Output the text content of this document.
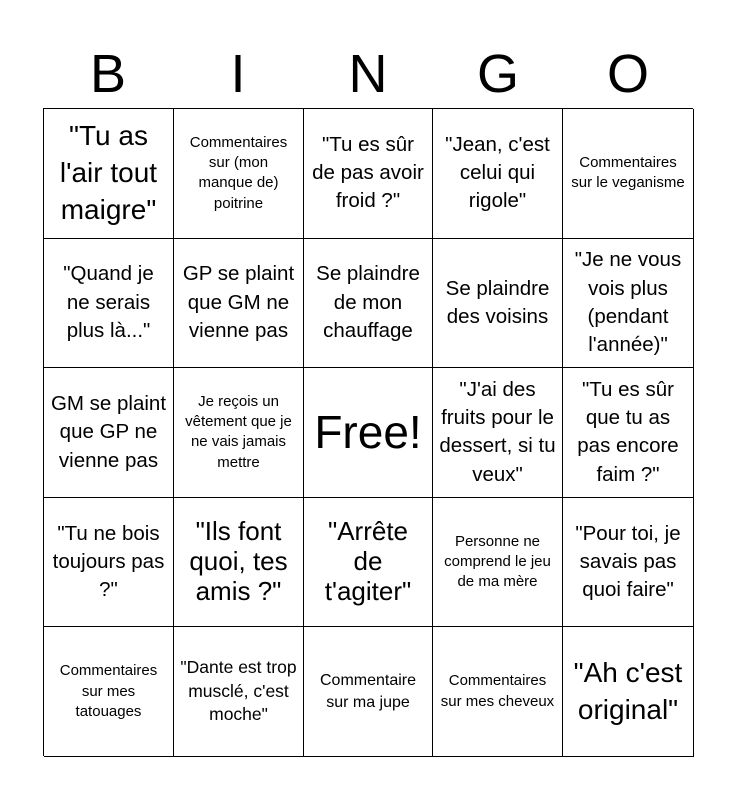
B	I	N	G	O
"Tu as l'air tout maigre"
Commentaires sur (mon manque de) poitrine
"Tu es sûr de pas avoir froid ?"
"Jean, c'est celui qui rigole"
Commentaires sur le veganisme
"Quand je ne serais plus là..."
GP se plaint que GM ne vienne pas
Se plaindre de mon chauffage
Se plaindre des voisins
"Je ne vous vois plus (pendant l'année)"
GM se plaint que GP ne vienne pas
Je reçois un vêtement que je ne vais jamais mettre
Free!
"J'ai des fruits pour le dessert, si tu veux"
"Tu es sûr que tu as pas encore faim ?"
"Tu ne bois toujours pas ?"
"Ils font quoi, tes amis ?"
"Arrête de t'agiter"
Personne ne comprend le jeu de ma mère
"Pour toi, je savais pas quoi faire"
Commentaires sur mes tatouages
"Dante est trop musclé, c'est moche"
Commentaire sur ma jupe
Commentaires sur mes cheveux
"Ah c'est original"
